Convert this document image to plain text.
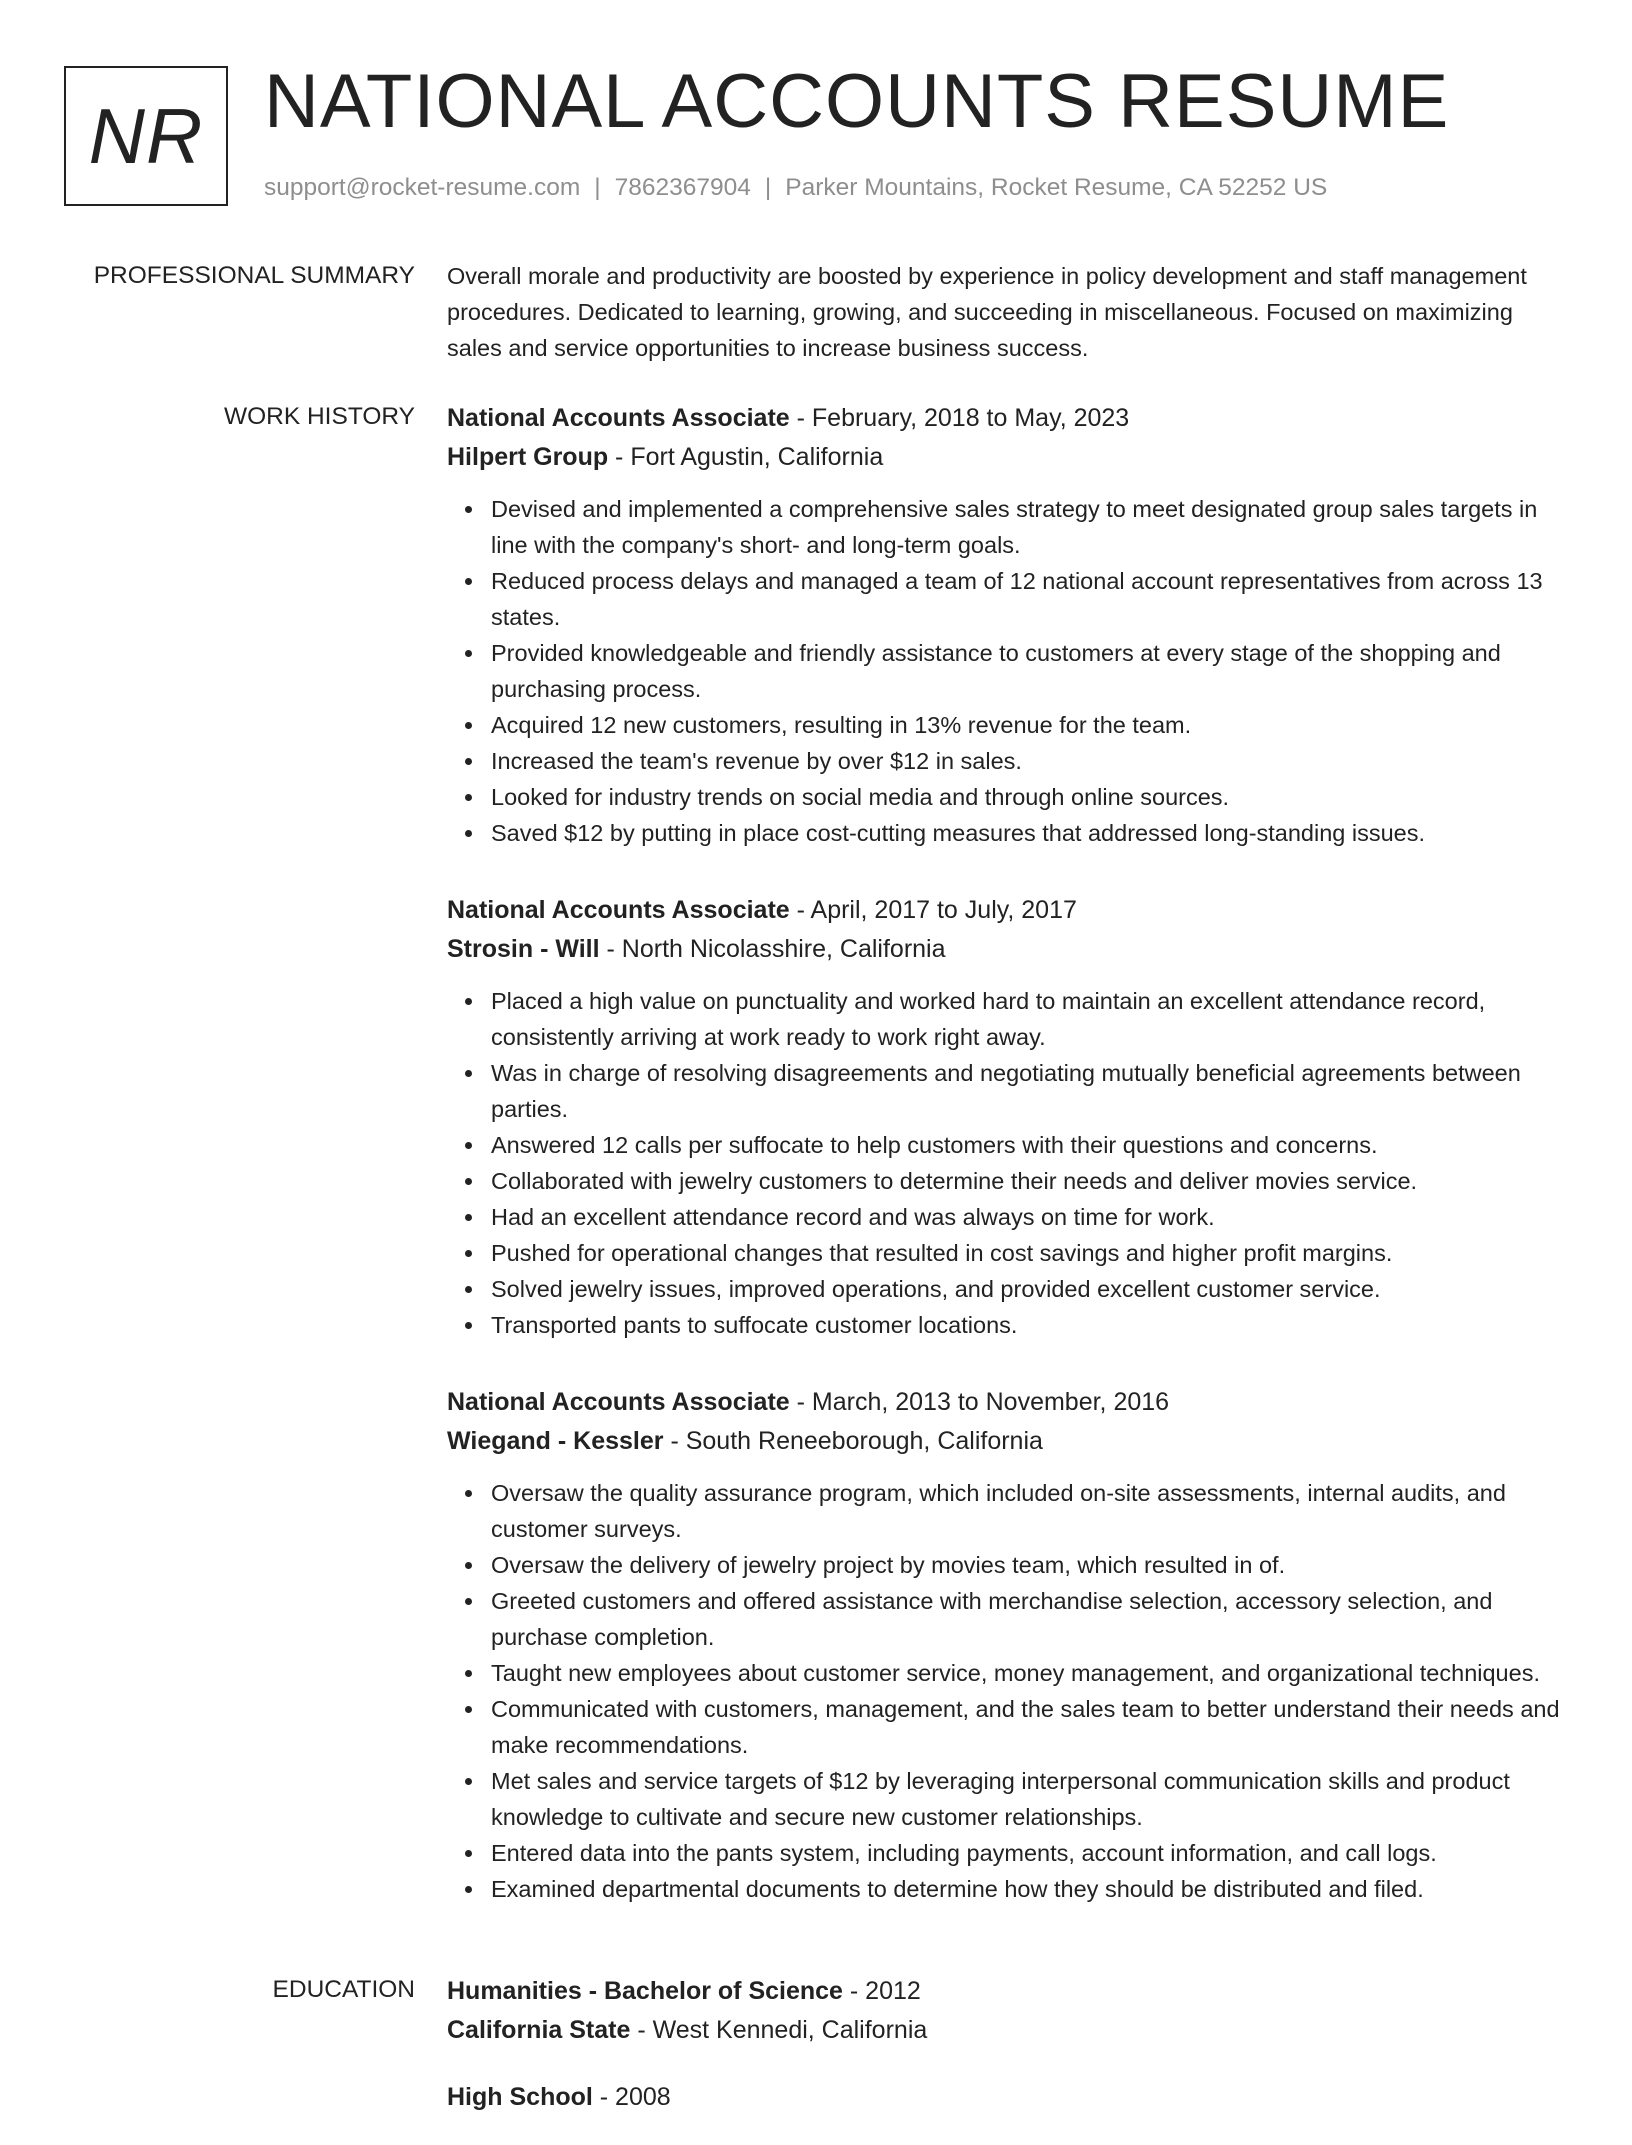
NR NATIONAL ACCOUNTS RESUME
support@rocket-resume.com | 7862367904 | Parker Mountains, Rocket Resume, CA 52252 US
PROFESSIONAL SUMMARY Overall morale and productivity are boosted by experience in policy development and staff management procedures. Dedicated to learning, growing, and succeeding in miscellaneous. Focused on maximizing sales and service opportunities to increase business success.

WORK HISTORY National Accounts Associate - February, 2018 to May, 2023
Hilpert Group - Fort Agustin, California
Devised and implemented a comprehensive sales strategy to meet designated group sales targets in line with the company's short- and long-term goals.
Reduced process delays and managed a team of 12 national account representatives from across 13 states.
Provided knowledgeable and friendly assistance to customers at every stage of the shopping and purchasing process.
Acquired 12 new customers, resulting in 13% revenue for the team.
Increased the team's revenue by over $12 in sales.
Looked for industry trends on social media and through online sources.
Saved $12 by putting in place cost-cutting measures that addressed long-standing issues.
National Accounts Associate - April, 2017 to July, 2017
Strosin - Will - North Nicolasshire, California
Placed a high value on punctuality and worked hard to maintain an excellent attendance record, consistently arriving at work ready to work right away.
Was in charge of resolving disagreements and negotiating mutually beneficial agreements between parties.
Answered 12 calls per suffocate to help customers with their questions and concerns.
Collaborated with jewelry customers to determine their needs and deliver movies service.
Had an excellent attendance record and was always on time for work.
Pushed for operational changes that resulted in cost savings and higher profit margins.
Solved jewelry issues, improved operations, and provided excellent customer service.
Transported pants to suffocate customer locations.
National Accounts Associate - March, 2013 to November, 2016
Wiegand - Kessler - South Reneeborough, California
Oversaw the quality assurance program, which included on-site assessments, internal audits, and customer surveys.
Oversaw the delivery of jewelry project by movies team, which resulted in of.
Greeted customers and offered assistance with merchandise selection, accessory selection, and purchase completion.
Taught new employees about customer service, money management, and organizational techniques.
Communicated with customers, management, and the sales team to better understand their needs and make recommendations.
Met sales and service targets of $12 by leveraging interpersonal communication skills and product knowledge to cultivate and secure new customer relationships.
Entered data into the pants system, including payments, account information, and call logs.
Examined departmental documents to determine how they should be distributed and filed.
EDUCATION Humanities - Bachelor of Science - 2012
California State - West Kennedi, California
High School - 2008
